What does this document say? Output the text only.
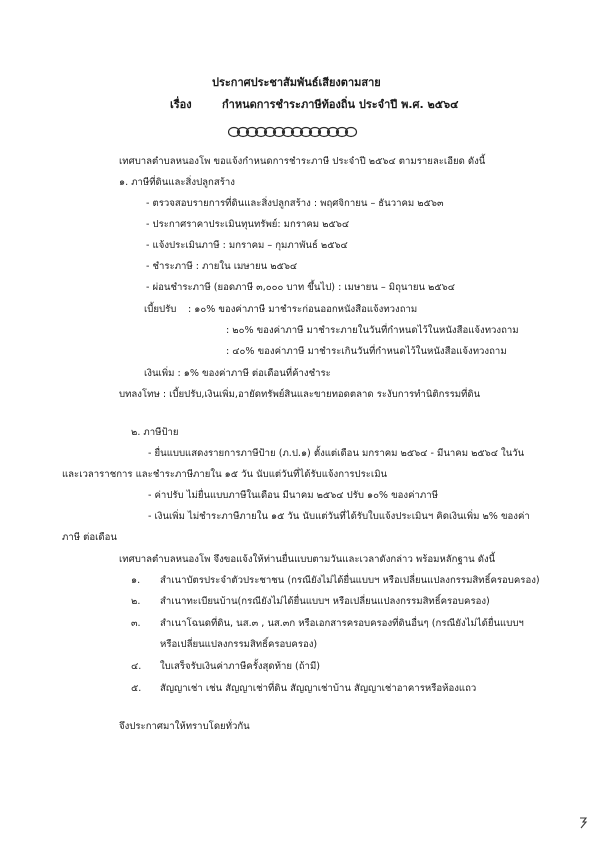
ประกาศประชาสัมพันธ์เสียงตามสาย
เรื่อง	กำหนดการชำระภาษีท้องถิ่น ประจำปี พ.ศ. ๒๕๖๔
เทศบาลตำบลหนองโพ ขอแจ้งกำหนดการชำระภาษี ประจำปี ๒๕๖๔ ตามรายละเอียด ดังนี้
๑. ภาษีที่ดินและสิ่งปลูกสร้าง
- ตรวจสอบรายการที่ดินและสิ่งปลูกสร้าง : พฤศจิกายน – ธันวาคม ๒๕๖๓
- ประกาศราคาประเมินทุนทรัพย์: มกราคม ๒๕๖๔
- แจ้งประเมินภาษี : มกราคม – กุมภาพันธ์ ๒๕๖๔
- ชำระภาษี : ภายใน เมษายน ๒๕๖๔
- ผ่อนชำระภาษี (ยอดภาษี ๓,๐๐๐ บาท ขึ้นไป) : เมษายน – มิถุนายน ๒๕๖๔
เบี้ยปรับ : ๑๐% ของค่าภาษี มาชำระก่อนออกหนังสือแจ้งทวงถาม
: ๒๐% ของค่าภาษี มาชำระภายในวันที่กำหนดไว้ในหนังสือแจ้งทวงถาม
: ๔๐% ของค่าภาษี มาชำระเกินวันที่กำหนดไว้ในหนังสือแจ้งทวงถาม
เงินเพิ่ม : ๑% ของค่าภาษี ต่อเดือนที่ค้างชำระ
บทลงโทษ : เบี้ยปรับ,เงินเพิ่ม,อายัดทรัพย์สินและขายทอดตลาด ระงับการทำนิติกรรมที่ดิน
๒. ภาษีป้าย
- ยื่นแบบแสดงรายการภาษีป้าย (ภ.ป.๑) ตั้งแต่เดือน มกราคม ๒๕๖๔ - มีนาคม ๒๕๖๔ ในวัน
และเวลาราชการ และชำระภาษีภายใน ๑๕ วัน นับแต่วันที่ได้รับแจ้งการประเมิน
- ค่าปรับ ไม่ยื่นแบบภาษีในเดือน มีนาคม ๒๕๖๔ ปรับ ๑๐% ของค่าภาษี
- เงินเพิ่ม ไม่ชำระภาษีภายใน ๑๕ วัน นับแต่วันที่ได้รับใบแจ้งประเมินฯ คิดเงินเพิ่ม ๒% ของค่า
ภาษี ต่อเดือน
เทศบาลตำบลหนองโพ จึงขอแจ้งให้ท่านยื่นแบบตามวันและเวลาดังกล่าว พร้อมหลักฐาน ดังนี้
๑. สำเนาบัตรประจำตัวประชาชน (กรณียังไม่ได้ยื่นแบบฯ หรือเปลี่ยนแปลงกรรมสิทธิ์ครอบครอง)
๒. สำเนาทะเบียนบ้าน(กรณียังไม่ได้ยื่นแบบฯ หรือเปลี่ยนแปลงกรรมสิทธิ์ครอบครอง)
๓. สำเนาโฉนดที่ดิน, นส.๓ , นส.๓ก หรือเอกสารครอบครองที่ดินอื่นๆ (กรณียังไม่ได้ยื่นแบบฯ
หรือเปลี่ยนแปลงกรรมสิทธิ์ครอบครอง)
๔. ใบเสร็จรับเงินค่าภาษีครั้งสุดท้าย (ถ้ามี)
๕. สัญญาเช่า เช่น สัญญาเช่าที่ดิน สัญญาเช่าบ้าน สัญญาเช่าอาคารหรือห้องแถว
จึงประกาศมาให้ทราบโดยทั่วกัน
